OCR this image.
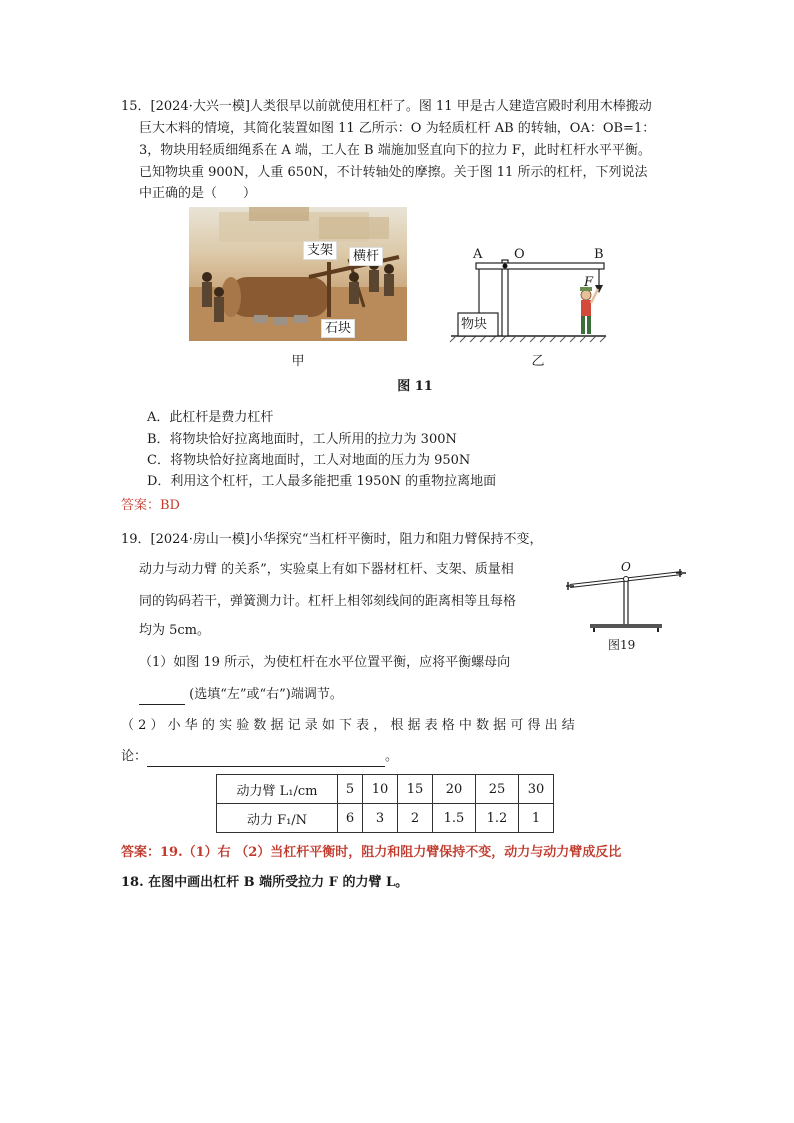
15．[2024·大兴一模]人类很早以前就使用杠杆了。图 11 甲是古人建造宫殿时利用木棒搬动
巨大木料的情境，其简化装置如图 11 乙所示：O 为轻质杠杆 AB 的转轴，OA：OB=1：
3，物块用轻质细绳系在 A 端，工人在 B 端施加竖直向下的拉力 F，此时杠杆水平平衡。
已知物块重 900N，人重 650N，不计转轴处的摩擦。关于图 11 所示的杠杆，下列说法
中正确的是（　　）
支架	横杆
石块
A O	B
F
物块
甲	乙
图 11
A．此杠杆是费力杠杆
B．将物块恰好拉离地面时，工人所用的拉力为 300N
C．将物块恰好拉离地面时，工人对地面的压力为 950N
D．利用这个杠杆，工人最多能把重 1950N 的重物拉离地面
答案：BD
19．[2024·房山一模]小华探究“当杠杆平衡时，阻力和阻力臂保持不变，
动力与动力臂 的关系”，实验桌上有如下器材杠杆、支架、质量相
同的钩码若干，弹簧测力计。杠杆上相邻刻线间的距离相等且每格
均为 5cm。
O
图19
（1）如图 19 所示，为使杠杆在水平位置平衡，应将平衡螺母向
(选填“左”或“右”)端调节。
（ 2 ） 小 华 的 实 验 数 据 记 录 如 下 表 ， 根 据 表 格 中 数 据 可 得 出 结
论：	。
动力臂 L₁/cm	5	10	15	20	25	30
动力 F₁/N	6	3	2	1.5	1.2	1
答案：19.（1）右 （2）当杠杆平衡时，阻力和阻力臂保持不变，动力与动力臂成反比
18. 在图中画出杠杆 B 端所受拉力 F 的力臂 L。
